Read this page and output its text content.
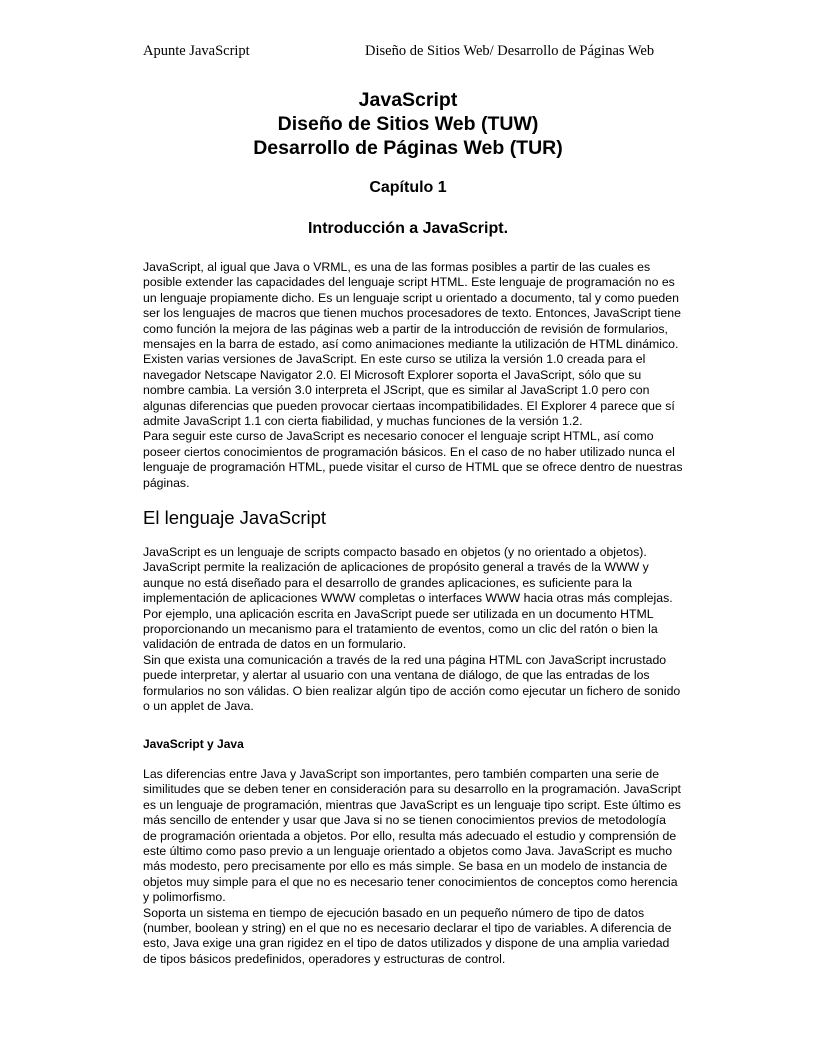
Apunte JavaScript	Diseño de Sitios Web/ Desarrollo de Páginas Web
JavaScript
Diseño de Sitios Web (TUW)
Desarrollo de Páginas Web (TUR)
Capítulo 1
Introducción a JavaScript.

JavaScript, al igual que Java o VRML, es una de las formas posibles a partir de las cuales es posible extender las capacidades del lenguaje script HTML. Este lenguaje de programación no es un lenguaje propiamente dicho. Es un lenguaje script u orientado a documento, tal y como pueden ser los lenguajes de macros que tienen muchos procesadores de texto. Entonces, JavaScript tiene como función la mejora de las páginas web a partir de la introducción de revisión de formularios, mensajes en la barra de estado, así como animaciones mediante la utilización de HTML dinámico.

Existen varias versiones de JavaScript. En este curso se utiliza la versión 1.0 creada para el navegador Netscape Navigator 2.0. El Microsoft Explorer soporta el JavaScript, sólo que su nombre cambia. La versión 3.0 interpreta el JScript, que es similar al JavaScript 1.0 pero con algunas diferencias que pueden provocar ciertaas incompatibilidades. El Explorer 4 parece que sí admite JavaScript 1.1 con cierta fiabilidad, y muchas funciones de la versión 1.2.

Para seguir este curso de JavaScript es necesario conocer el lenguaje script HTML, así como poseer ciertos conocimientos de programación básicos. En el caso de no haber utilizado nunca el lenguaje de programación HTML, puede visitar el curso de HTML que se ofrece dentro de nuestras páginas.

El lenguaje JavaScript

JavaScript es un lenguaje de scripts compacto basado en objetos (y no orientado a objetos). JavaScript permite la realización de aplicaciones de propósito general a través de la WWW y aunque no está diseñado para el desarrollo de grandes aplicaciones, es suficiente para la implementación de aplicaciones WWW completas o interfaces WWW hacia otras más complejas.

Por ejemplo, una aplicación escrita en JavaScript puede ser utilizada en un documento HTML proporcionando un mecanismo para el tratamiento de eventos, como un clic del ratón o bien la validación de entrada de datos en un formulario.

Sin que exista una comunicación a través de la red una página HTML con JavaScript incrustado puede interpretar, y alertar al usuario con una ventana de diálogo, de que las entradas de los formularios no son válidas. O bien realizar algún tipo de acción como ejecutar un fichero de sonido o un applet de Java.

JavaScript y Java

Las diferencias entre Java y JavaScript son importantes, pero también comparten una serie de similitudes que se deben tener en consideración para su desarrollo en la programación. JavaScript es un lenguaje de programación, mientras que JavaScript es un lenguaje tipo script. Este último es más sencillo de entender y usar que Java si no se tienen conocimientos previos de metodología de programación orientada a objetos. Por ello, resulta más adecuado el estudio y comprensión de este último como paso previo a un lenguaje orientado a objetos como Java. JavaScript es mucho más modesto, pero precisamente por ello es más simple. Se basa en un modelo de instancia de objetos muy simple para el que no es necesario tener conocimientos de conceptos como herencia y polimorfismo.

Soporta un sistema en tiempo de ejecución basado en un pequeño número de tipo de datos (number, boolean y string) en el que no es necesario declarar el tipo de variables. A diferencia de esto, Java exige una gran rigidez en el tipo de datos utilizados y dispone de una amplia variedad de tipos básicos predefinidos, operadores y estructuras de control.
